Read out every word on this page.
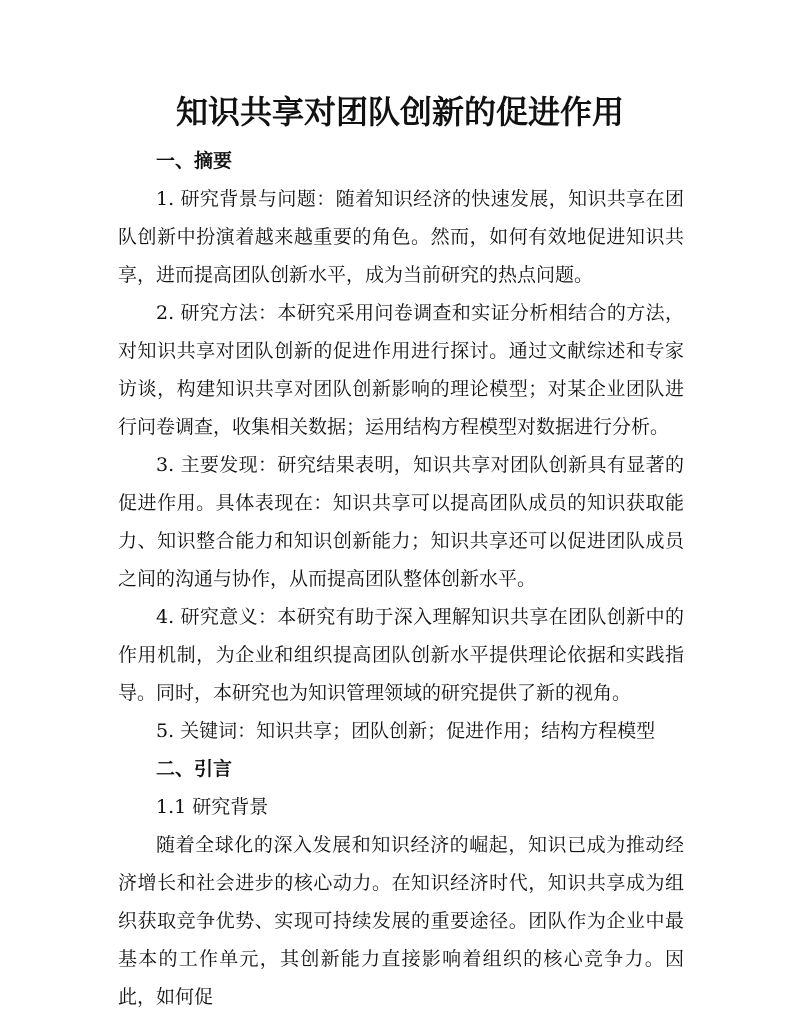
知识共享对团队创新的促进作用

一、摘要

1. 研究背景与问题：随着知识经济的快速发展，知识共享在团队创新中扮演着越来越重要的角色。然而，如何有效地促进知识共享，进而提高团队创新水平，成为当前研究的热点问题。

2. 研究方法：本研究采用问卷调查和实证分析相结合的方法，对知识共享对团队创新的促进作用进行探讨。通过文献综述和专家访谈，构建知识共享对团队创新影响的理论模型；对某企业团队进行问卷调查，收集相关数据；运用结构方程模型对数据进行分析。

3. 主要发现：研究结果表明，知识共享对团队创新具有显著的促进作用。具体表现在：知识共享可以提高团队成员的知识获取能力、知识整合能力和知识创新能力；知识共享还可以促进团队成员之间的沟通与协作，从而提高团队整体创新水平。

4. 研究意义：本研究有助于深入理解知识共享在团队创新中的作用机制，为企业和组织提高团队创新水平提供理论依据和实践指导。同时，本研究也为知识管理领域的研究提供了新的视角。

5. 关键词：知识共享；团队创新；促进作用；结构方程模型

二、引言

1.1 研究背景

随着全球化的深入发展和知识经济的崛起，知识已成为推动经济增长和社会进步的核心动力。在知识经济时代，知识共享成为组织获取竞争优势、实现可持续发展的重要途径。团队作为企业中最基本的工作单元，其创新能力直接影响着组织的核心竞争力。因此，如何促
